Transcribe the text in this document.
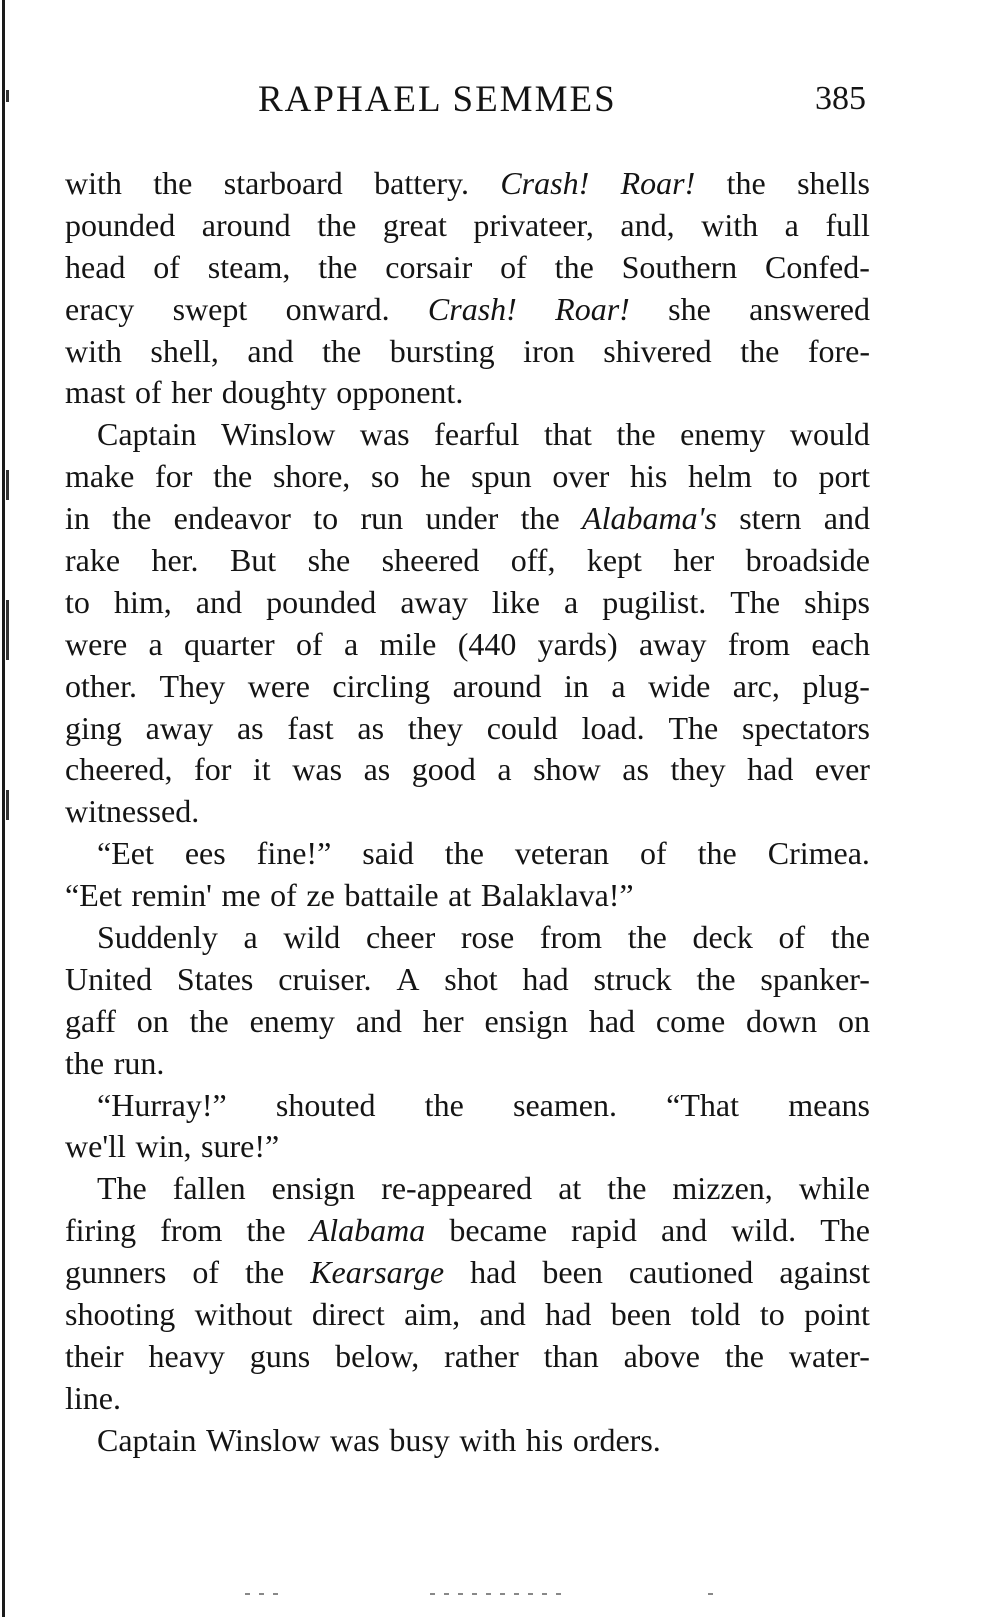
RAPHAEL SEMMES	385
with the starboard battery. Crash! Roar! the shells
pounded around the great privateer, and, with a full
head of steam, the corsair of the Southern Confed-
eracy swept onward. Crash! Roar! she answered
with shell, and the bursting iron shivered the fore-
mast of her doughty opponent.
Captain Winslow was fearful that the enemy would
make for the shore, so he spun over his helm to port
in the endeavor to run under the Alabama's stern and
rake her. But she sheered off, kept her broadside
to him, and pounded away like a pugilist. The ships
were a quarter of a mile (440 yards) away from each
other. They were circling around in a wide arc, plug-
ging away as fast as they could load. The spectators
cheered, for it was as good a show as they had ever
witnessed.
“Eet ees fine!” said the veteran of the Crimea.
“Eet remin' me of ze battaile at Balaklava!”
Suddenly a wild cheer rose from the deck of the
United States cruiser. A shot had struck the spanker-
gaff on the enemy and her ensign had come down on
the run.
“Hurray!” shouted the seamen. “That means
we'll win, sure!”
The fallen ensign re-appeared at the mizzen, while
firing from the Alabama became rapid and wild. The
gunners of the Kearsarge had been cautioned against
shooting without direct aim, and had been told to point
their heavy guns below, rather than above the water-
line.
Captain Winslow was busy with his orders.
